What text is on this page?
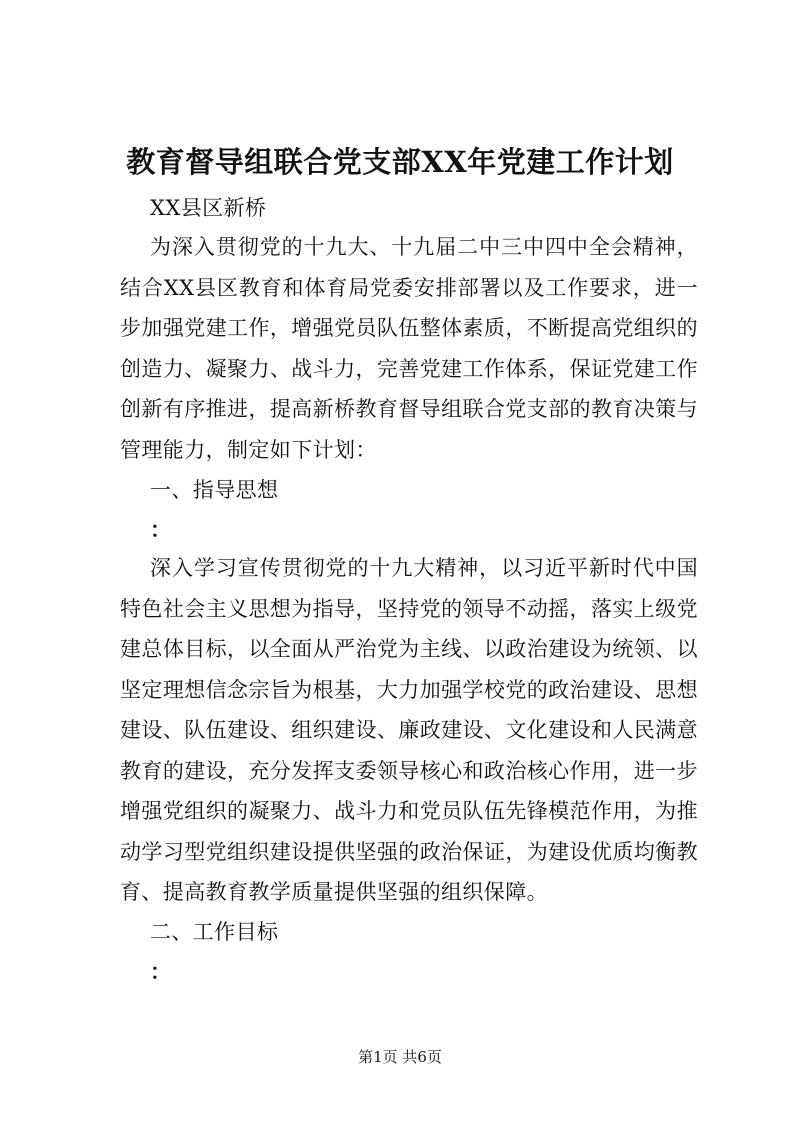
教育督导组联合党支部XX年党建工作计划
XX县区新桥
为深入贯彻党的十九大、十九届二中三中四中全会精神，结合XX县区教育和体育局党委安排部署以及工作要求，进一步加强党建工作，增强党员队伍整体素质，不断提高党组织的创造力、凝聚力、战斗力，完善党建工作体系，保证党建工作创新有序推进，提高新桥教育督导组联合党支部的教育决策与管理能力，制定如下计划：
一、指导思想
：
深入学习宣传贯彻党的十九大精神，以习近平新时代中国特色社会主义思想为指导，坚持党的领导不动摇，落实上级党建总体目标，以全面从严治党为主线、以政治建设为统领、以坚定理想信念宗旨为根基，大力加强学校党的政治建设、思想建设、队伍建设、组织建设、廉政建设、文化建设和人民满意教育的建设，充分发挥支委领导核心和政治核心作用，进一步增强党组织的凝聚力、战斗力和党员队伍先锋模范作用，为推动学习型党组织建设提供坚强的政治保证，为建设优质均衡教育、提高教育教学质量提供坚强的组织保障。
二、工作目标
：
第1页 共6页
